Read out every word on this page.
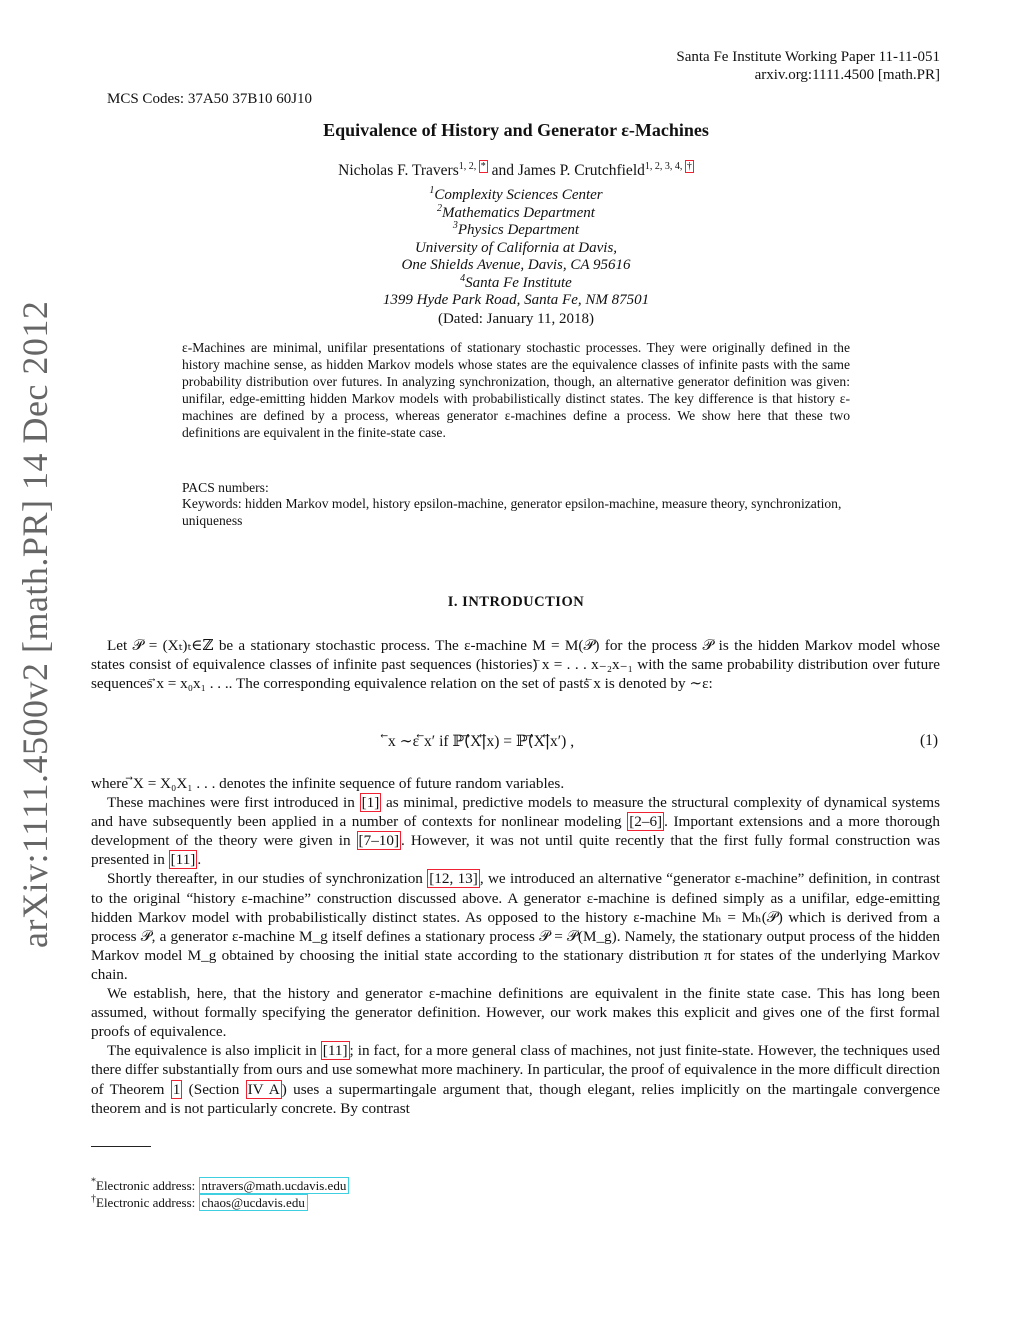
arXiv:1111.4500v2 [math.PR] 14 Dec 2012
Santa Fe Institute Working Paper 11-11-051
arxiv.org:1111.4500 [math.PR]
MCS Codes: 37A50 37B10 60J10
Equivalence of History and Generator ε-Machines
Nicholas F. Travers$^{1, 2,}$ * and James P. Crutchfield$^{1, 2, 3, 4,}$ †
$^1$Complexity Sciences Center
$^2$Mathematics Department
$^3$Physics Department
University of California at Davis,
One Shields Avenue, Davis, CA 95616
$^4$Santa Fe Institute
1399 Hyde Park Road, Santa Fe, NM 87501
(Dated: January 11, 2018)
ε-Machines are minimal, unifilar presentations of stationary stochastic processes. They were originally defined in the history machine sense, as hidden Markov models whose states are the equivalence classes of infinite pasts with the same probability distribution over futures. In analyzing synchronization, though, an alternative generator definition was given: unifilar, edge-emitting hidden Markov models with probabilistically distinct states. The key difference is that history ε-machines are defined by a process, whereas generator ε-machines define a process. We show here that these two definitions are equivalent in the finite-state case.
PACS numbers:
Keywords: hidden Markov model, history epsilon-machine, generator epsilon-machine, measure theory, synchronization, uniqueness
I. INTRODUCTION

Let 𝒫 = (Xₜ)ₜ∈ℤ be a stationary stochastic process. The ε-machine M = M(𝒫) for the process 𝒫 is the hidden Markov model whose states consist of equivalence classes of infinite past sequences (histories) ⃖x = . . . x₋₂x₋₁ with the same probability distribution over future sequences ⃗x = x₀x₁ . . .. The corresponding equivalence relation on the set of pasts ⃖x is denoted by ∼ε:

⃖x ∼ε ⃖x′ if ℙ(⃗X|⃖x) = ℙ(⃗X|⃖x′) ,	(1)

where ⃗X = X₀X₁ . . . denotes the infinite sequence of future random variables.

These machines were first introduced in [1] as minimal, predictive models to measure the structural complexity of dynamical systems and have subsequently been applied in a number of contexts for nonlinear modeling [2–6] . Important extensions and a more thorough development of the theory were given in [7–10] . However, it was not until quite recently that the first fully formal construction was presented in [11] .

Shortly thereafter, in our studies of synchronization [12, 13] , we introduced an alternative “generator ε-machine” definition, in contrast to the original “history ε-machine” construction discussed above. A generator ε-machine is defined simply as a unifilar, edge-emitting hidden Markov model with probabilistically distinct states. As opposed to the history ε-machine Mₕ = Mₕ(𝒫) which is derived from a process 𝒫, a generator ε-machine M_g itself defines a stationary process 𝒫 = 𝒫(M_g). Namely, the stationary output process of the hidden Markov model M_g obtained by choosing the initial state according to the stationary distribution π for states of the underlying Markov chain.

We establish, here, that the history and generator ε-machine definitions are equivalent in the finite state case. This has long been assumed, without formally specifying the generator definition. However, our work makes this explicit and gives one of the first formal proofs of equivalence.

The equivalence is also implicit in [11] ; in fact, for a more general class of machines, not just finite-state. However, the techniques used there differ substantially from ours and use somewhat more machinery. In particular, the proof of equivalence in the more difficult direction of Theorem 1 (Section IV A ) uses a supermartingale argument that, though elegant, relies implicitly on the martingale convergence theorem and is not particularly concrete. By contrast

*Electronic address: ntravers@math.ucdavis.edu
†Electronic address: chaos@ucdavis.edu
